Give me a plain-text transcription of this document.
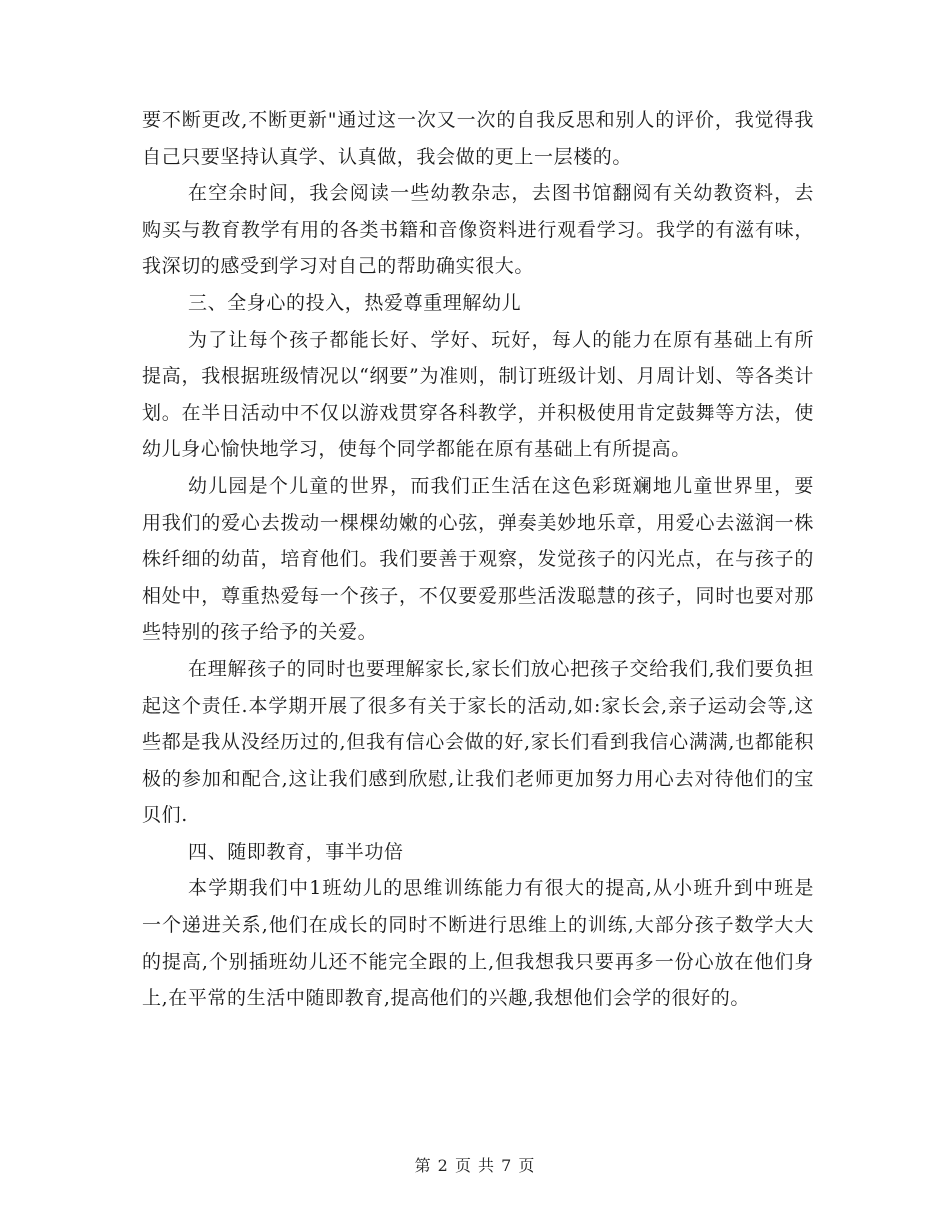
要不断更改,不断更新"通过这一次又一次的自我反思和别人的评价，我觉得我自己只要坚持认真学、认真做，我会做的更上一层楼的。

在空余时间，我会阅读一些幼教杂志，去图书馆翻阅有关幼教资料，去购买与教育教学有用的各类书籍和音像资料进行观看学习。我学的有滋有味，我深切的感受到学习对自己的帮助确实很大。

三、全身心的投入，热爱尊重理解幼儿

为了让每个孩子都能长好、学好、玩好，每人的能力在原有基础上有所提高，我根据班级情况以“纲要”为准则，制订班级计划、月周计划、等各类计划。在半日活动中不仅以游戏贯穿各科教学，并积极使用肯定鼓舞等方法，使幼儿身心愉快地学习，使每个同学都能在原有基础上有所提高。

幼儿园是个儿童的世界，而我们正生活在这色彩斑斓地儿童世界里，要用我们的爱心去拨动一棵棵幼嫩的心弦，弹奏美妙地乐章，用爱心去滋润一株株纤细的幼苗，培育他们。我们要善于观察，发觉孩子的闪光点，在与孩子的相处中，尊重热爱每一个孩子，不仅要爱那些活泼聪慧的孩子，同时也要对那些特别的孩子给予的关爱。

在理解孩子的同时也要理解家长,家长们放心把孩子交给我们,我们要负担起这个责任.本学期开展了很多有关于家长的活动,如:家长会,亲子运动会等,这些都是我从没经历过的,但我有信心会做的好,家长们看到我信心满满,也都能积极的参加和配合,这让我们感到欣慰,让我们老师更加努力用心去对待他们的宝贝们.

四、随即教育，事半功倍

本学期我们中1班幼儿的思维训练能力有很大的提高,从小班升到中班是一个递进关系,他们在成长的同时不断进行思维上的训练,大部分孩子数学大大的提高,个别插班幼儿还不能完全跟的上,但我想我只要再多一份心放在他们身上,在平常的生活中随即教育,提高他们的兴趣,我想他们会学的很好的。

第 2 页 共 7 页
